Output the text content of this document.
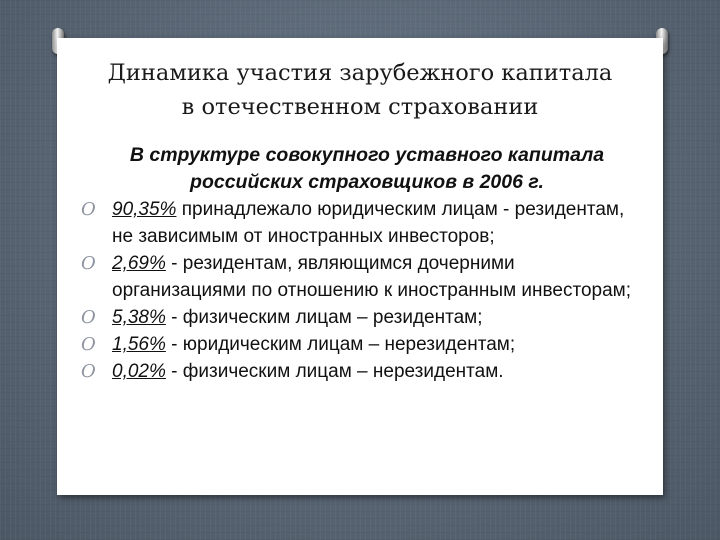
Динамика участия зарубежного капитала
в отечественном страховании
В структуре совокупного уставного капитала
российских страховщиков в 2006 г.
O 90,35% принадлежало юридическим лицам - резидентам, не зависимым от иностранных инвесторов;
O 2,69% - резидентам, являющимся дочерними организациями по отношению к иностранным инвесторам;
O 5,38% - физическим лицам – резидентам;
O 1,56% - юридическим лицам – нерезидентам;
O 0,02% - физическим лицам – нерезидентам.
